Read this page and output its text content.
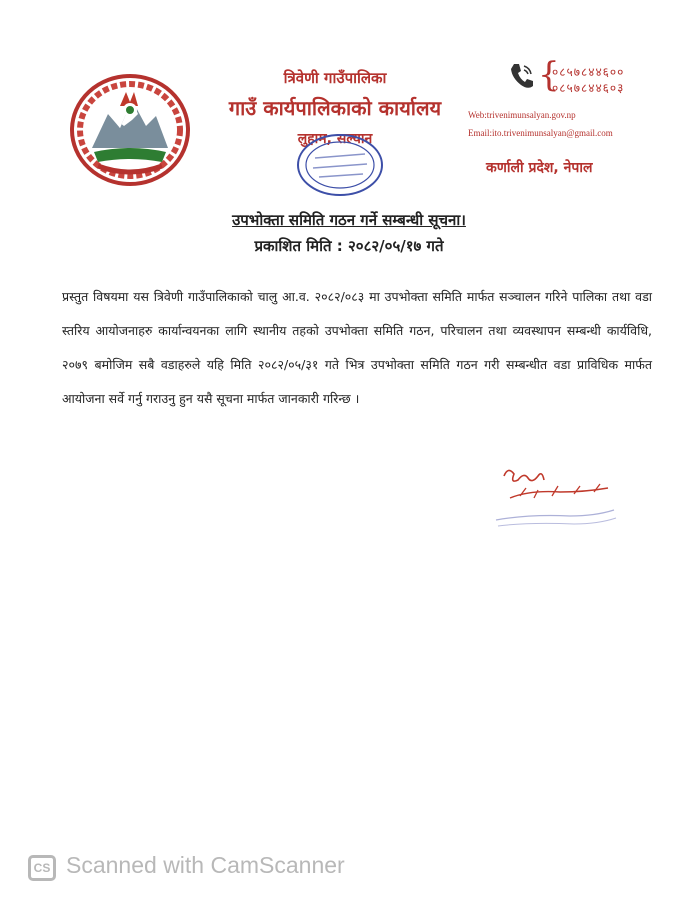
त्रिवेणी गाउँपालिका
गाउँ कार्यपालिकाको कार्यालय
लुहाम, सल्यान
{
०८५७८४४६००
०८५७८४४६०३
Web:trivenimunsalyan.gov.np
Email:ito.trivenimunsalyan@gmail.com
कर्णाली प्रदेश, नेपाल
उपभोक्ता समिति गठन गर्ने सम्बन्धी सूचना।
प्रकाशित मिति : २०८२/०५/१७ गते
प्रस्तुत विषयमा यस त्रिवेणी गाउँपालिकाको चालु आ.व. २०८२/०८३ मा उपभोक्ता समिति मार्फत सञ्चालन गरिने पालिका तथा वडा स्तरिय आयोजनाहरु कार्यान्वयनका लागि स्थानीय तहको उपभोक्ता समिति गठन, परिचालन तथा व्यवस्थापन सम्बन्धी कार्यविधि, २०७९ बमोजिम सबै वडाहरुले यहि मिति २०८२/०५/३१ गते भित्र उपभोक्ता समिति गठन गरी सम्बन्धीत वडा प्राविधिक मार्फत आयोजना सर्वे गर्नु गराउनु हुन यसै सूचना मार्फत जानकारी गरिन्छ ।
CS Scanned with CamScanner
